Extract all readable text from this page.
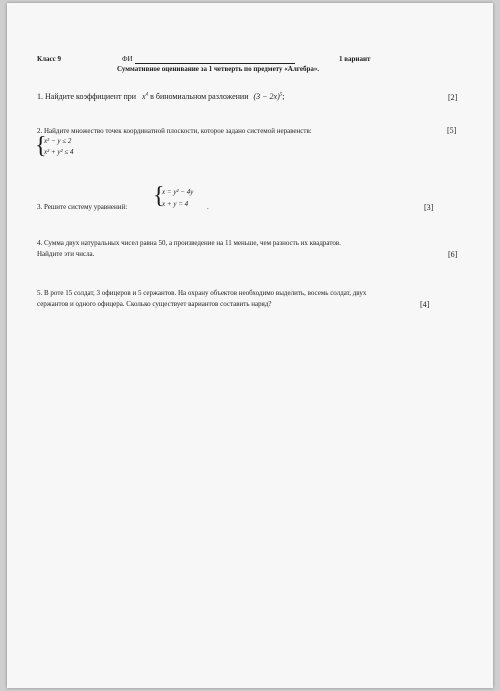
Класс 9	ФИ	1 вариант
Суммативное оценивание за 1 четверть по предмету «Алгебра».
1. Найдите коэффициент при $x^4$ в биномиальном разложении $(3 - 2x)^5$;	[2]
2. Найдите множество точек координатной плоскости, которое задано системой неравенств:	[5]
{
x² − y ≤ 2
x² + y² ≤ 4
{
x = y² − 4y
x + y = 4
3. Решите систему уравнений:	.	[3]
4. Сумма двух натуральных чисел равна 50, а произведение на 11 меньше, чем разность их квадратов.
Найдите эти числа.	[6]
5. В роте 15 солдат, 3 офицеров и 5 сержантов. На охрану объектов необходимо выделить, восемь солдат, двух
сержантов и одного офицера. Сколько существует вариантов составить наряд?	[4]
